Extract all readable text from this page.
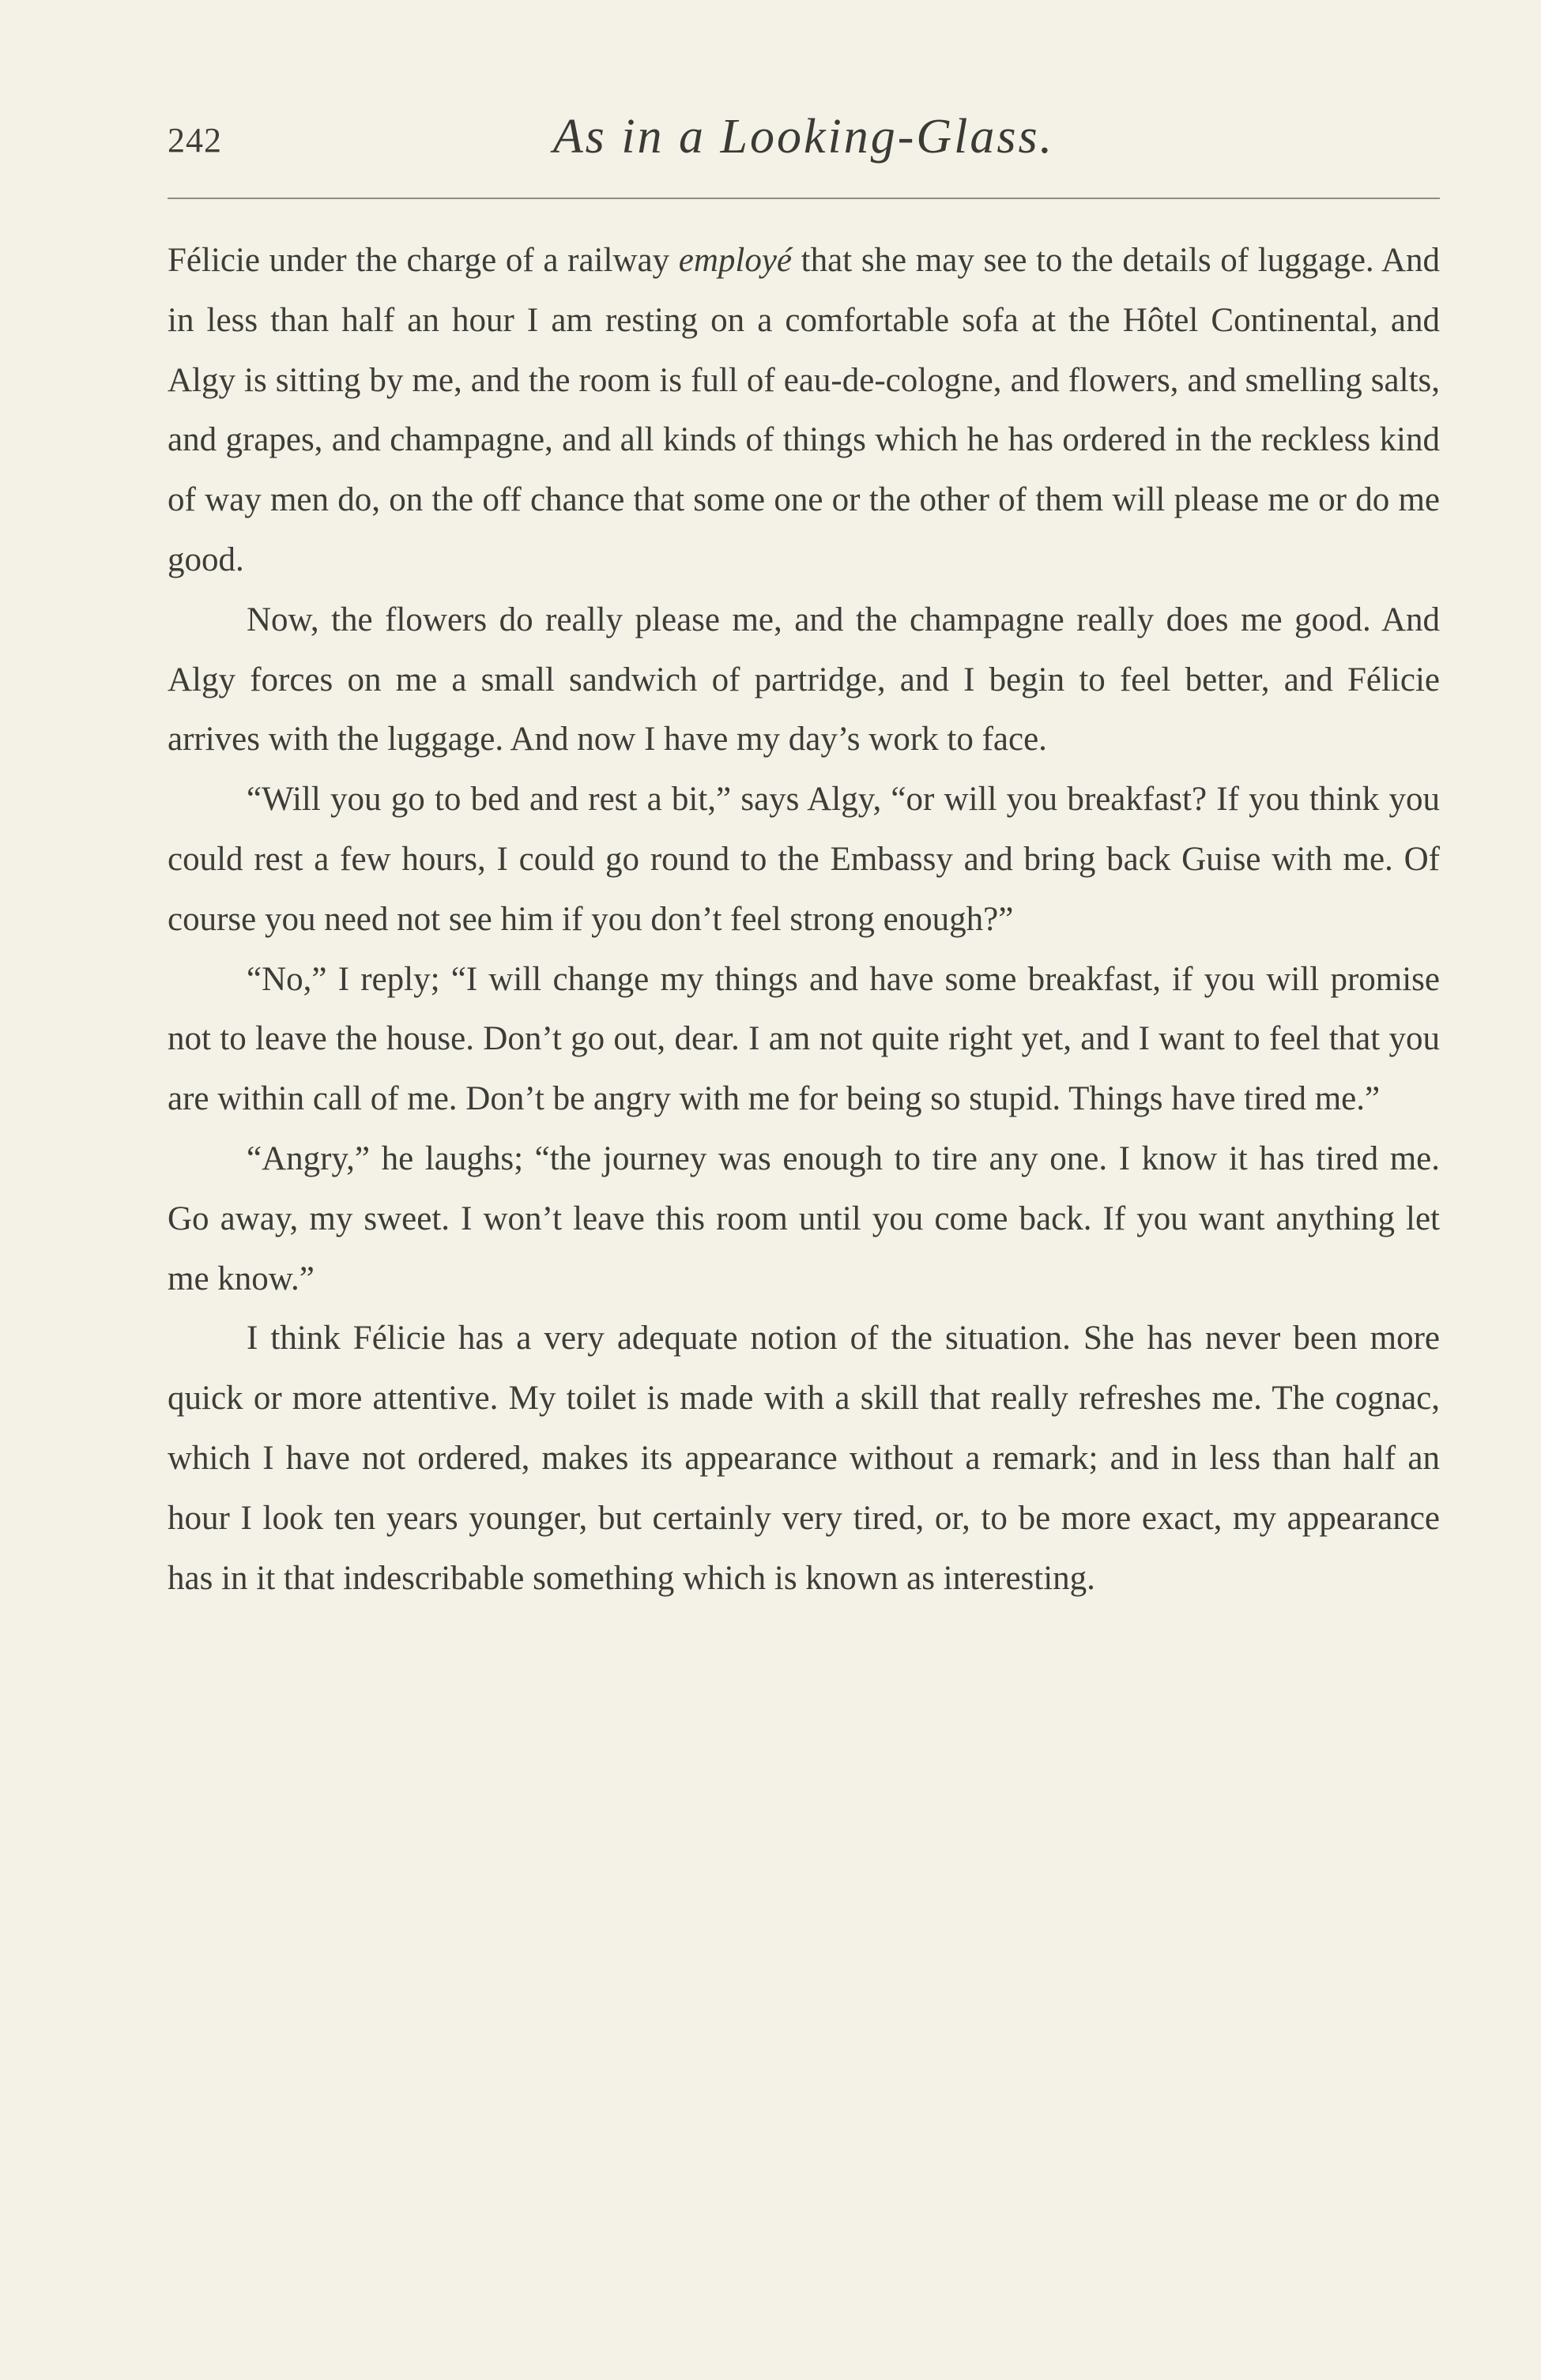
242	As in a Looking-Glass.

Félicie under the charge of a railway employé that she may see to the details of luggage. And in less than half an hour I am resting on a comfortable sofa at the Hôtel Continental, and Algy is sitting by me, and the room is full of eau-de-cologne, and flowers, and smelling salts, and grapes, and champagne, and all kinds of things which he has ordered in the reckless kind of way men do, on the off chance that some one or the other of them will please me or do me good.

Now, the flowers do really please me, and the champagne really does me good. And Algy forces on me a small sandwich of partridge, and I begin to feel better, and Félicie arrives with the luggage. And now I have my day’s work to face.

“Will you go to bed and rest a bit,” says Algy, “or will you breakfast? If you think you could rest a few hours, I could go round to the Embassy and bring back Guise with me. Of course you need not see him if you don’t feel strong enough?”

“No,” I reply; “I will change my things and have some breakfast, if you will promise not to leave the house. Don’t go out, dear. I am not quite right yet, and I want to feel that you are within call of me. Don’t be angry with me for being so stupid. Things have tired me.”

“Angry,” he laughs; “the journey was enough to tire any one. I know it has tired me. Go away, my sweet. I won’t leave this room until you come back. If you want anything let me know.”

I think Félicie has a very adequate notion of the situation. She has never been more quick or more attentive. My toilet is made with a skill that really refreshes me. The cognac, which I have not ordered, makes its appearance without a remark; and in less than half an hour I look ten years younger, but certainly very tired, or, to be more exact, my appearance has in it that indescribable something which is known as interesting.
